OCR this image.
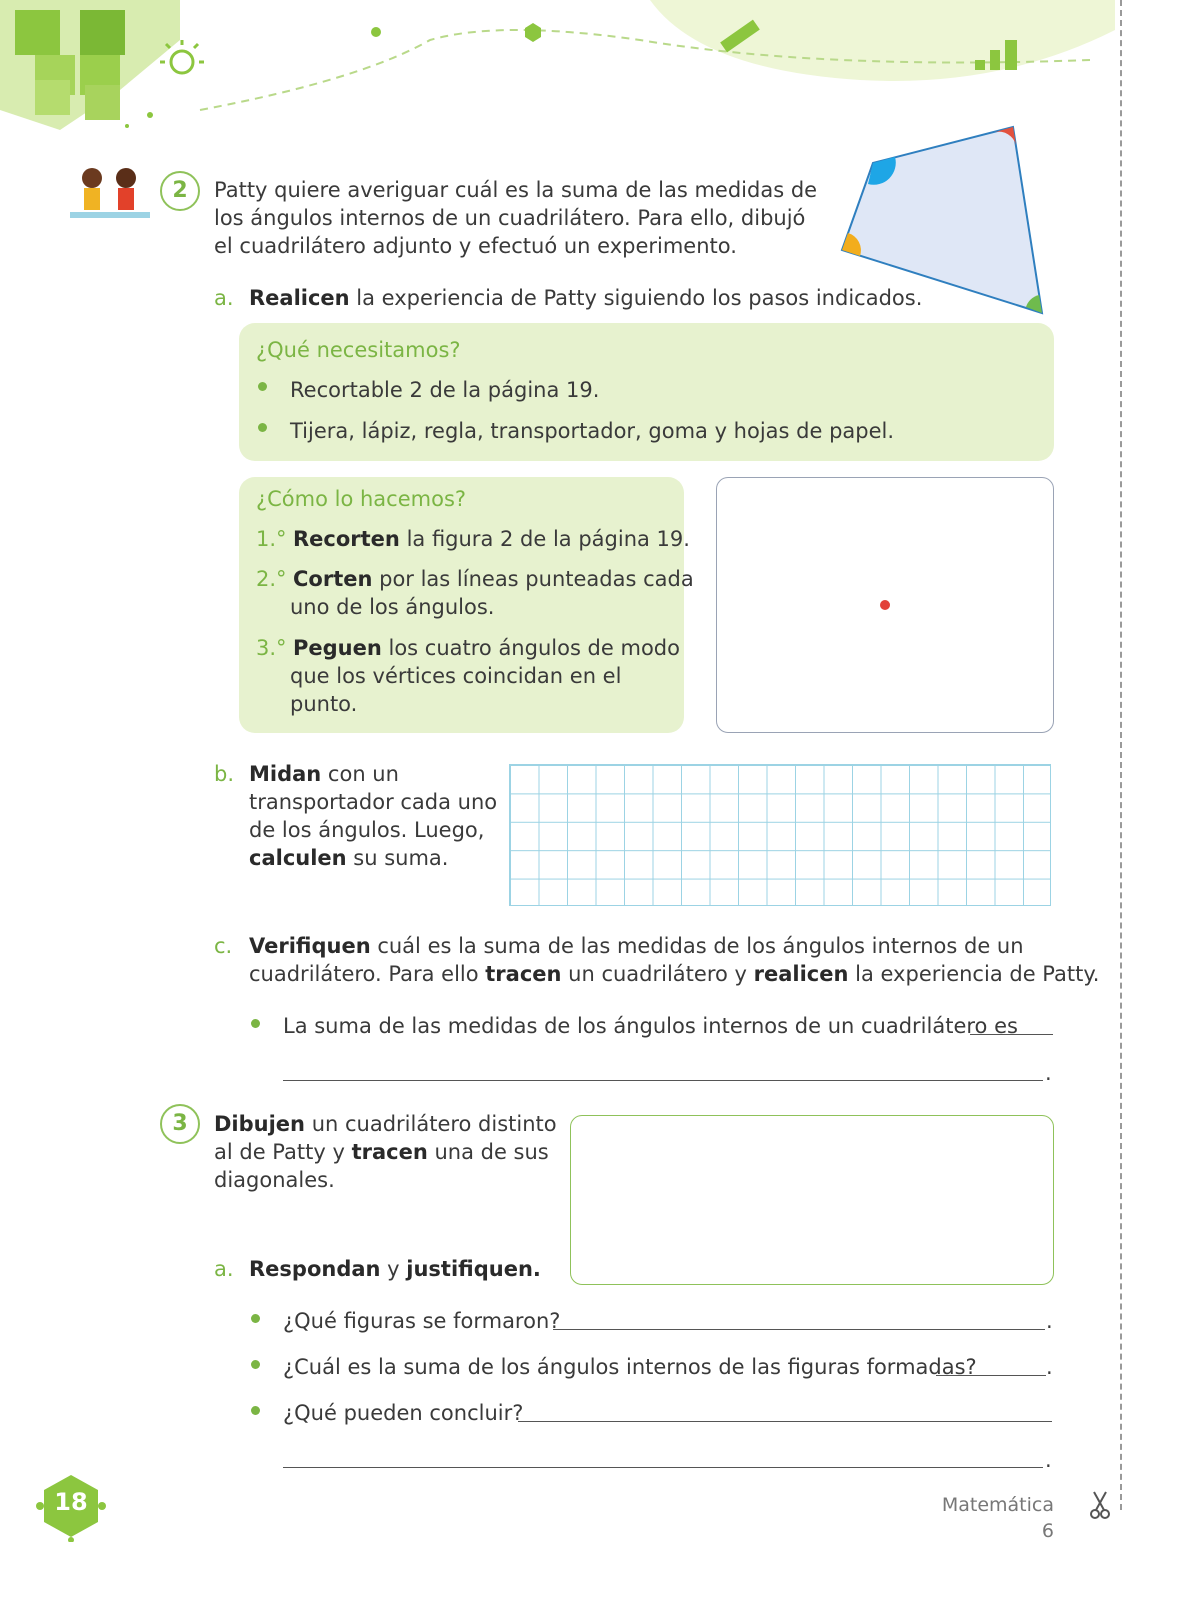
2	Patty quiere averiguar cuál es la suma de las medidas de
los ángulos internos de un cuadrilátero. Para ello, dibujó
el cuadrilátero adjunto y efectuó un experimento.
a. Realicen la experiencia de Patty siguiendo los pasos indicados.
¿Qué necesitamos?
Recortable 2 de la página 19.
Tijera, lápiz, regla, transportador, goma y hojas de papel.
¿Cómo lo hacemos?
1.° Recorten la figura 2 de la página 19.
2.° Corten por las líneas punteadas cada
uno de los ángulos.
3.° Peguen los cuatro ángulos de modo
que los vértices coincidan en el
punto.
b. Midan con un
transportador cada uno
de los ángulos. Luego,
calculen su suma.
c. Verifiquen cuál es la suma de las medidas de los ángulos internos de un
cuadrilátero. Para ello tracen un cuadrilátero y realicen la experiencia de Patty.
La suma de las medidas de los ángulos internos de un cuadrilátero es
.
3	Dibujen un cuadrilátero distinto
al de Patty y tracen una de sus
diagonales.
a. Respondan y justifiquen.
¿Qué figuras se formaron?	.
¿Cuál es la suma de los ángulos internos de las figuras formadas?	.
¿Qué pueden concluir?
.
18	Matemática 6
